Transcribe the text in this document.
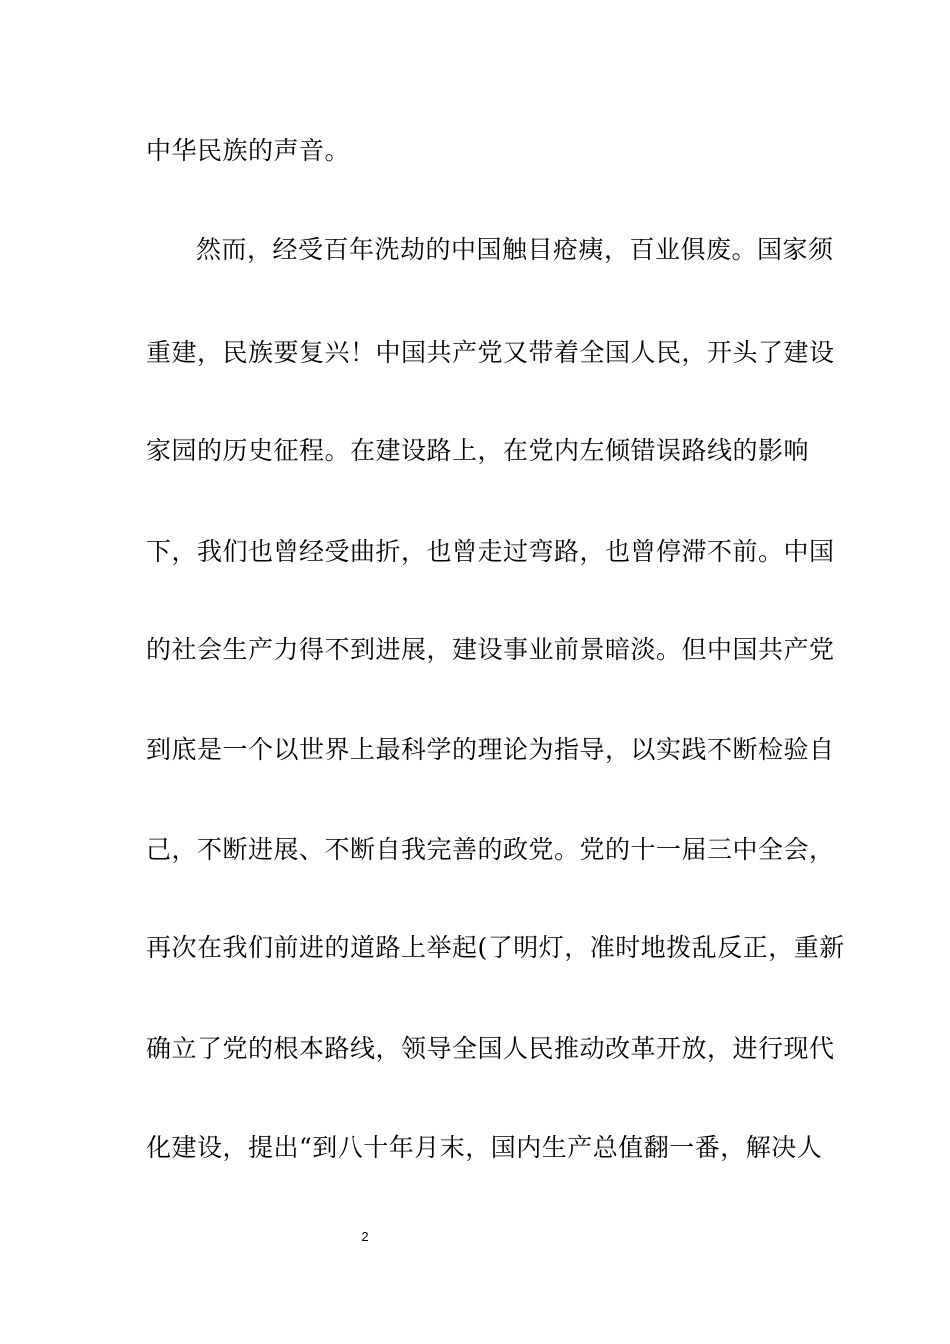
中华民族的声音。
然而，经受百年洗劫的中国触目疮痍，百业俱废。国家须
重建，民族要复兴！中国共产党又带着全国人民，开头了建设
家园的历史征程。在建设路上，在党内左倾错误路线的影响
下，我们也曾经受曲折，也曾走过弯路，也曾停滞不前。中国
的社会生产力得不到进展，建设事业前景暗淡。但中国共产党
到底是一个以世界上最科学的理论为指导，以实践不断检验自
己，不断进展、不断自我完善的政党。党的十一届三中全会，
再次在我们前进的道路上举起(了明灯，准时地拨乱反正，重新
确立了党的根本路线，领导全国人民推动改革开放，进行现代
化建设，提出“到八十年月末，国内生产总值翻一番，解决人
2
